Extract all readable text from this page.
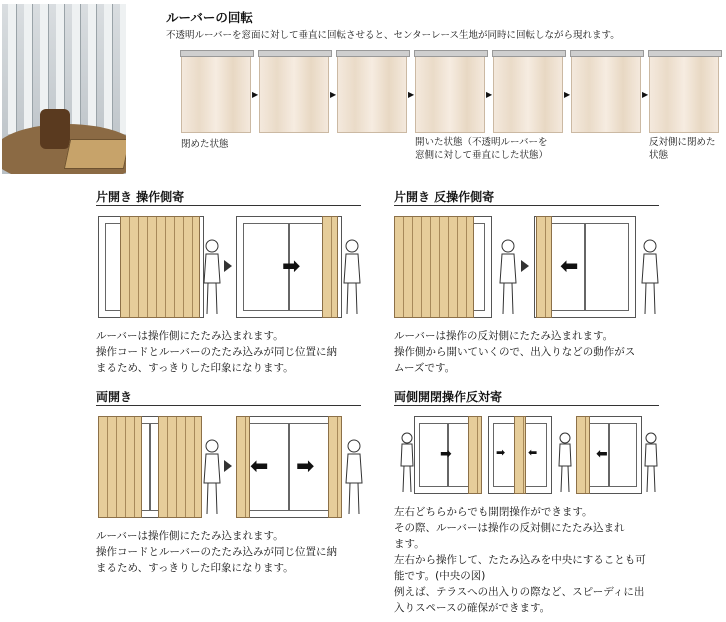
ルーバーの回転
不透明ルーバーを窓面に対して垂直に回転させると、センターレース生地が同時に回転しながら現れます。
▶	▶	▶	▶	▶	▶
閉めた状態	開いた状態（不透明ルーバーを
窓側に対して垂直にした状態）
反対側に閉めた
状態
片開き 操作側寄
➡
ルーバーは操作側にたたみ込まれます。
操作コードとルーバーのたたみ込みが同じ位置に納
まるため、すっきりした印象になります。
片開き 反操作側寄
⬅
ルーバーは操作の反対側にたたみ込まれます。
操作側から開いていくので、出入りなどの動作がス
ムーズです。
両開き
⬅ ➡
ルーバーは操作側にたたみ込まれます。
操作コードとルーバーのたたみ込みが同じ位置に納
まるため、すっきりした印象になります。
両側開閉操作反対寄
➡	➡ ⬅	⬅
左右どちらからでも開閉操作ができます。
その際、ルーバーは操作の反対側にたたみ込まれ
ます。
左右から操作して、たたみ込みを中央にすることも可
能です。(中央の図)
例えば、テラスへの出入りの際など、スピーディに出
入りスペースの確保ができます。
